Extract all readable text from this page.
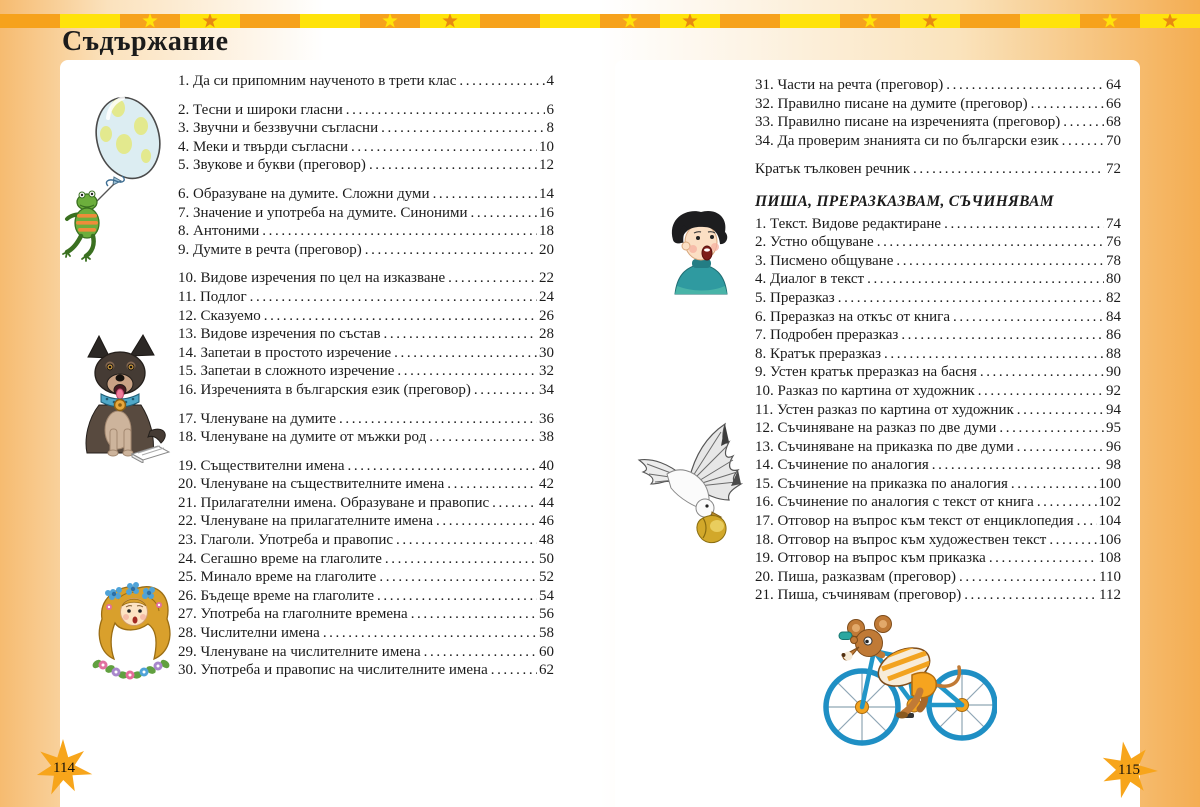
Съдържание
1. Да си припомним наученото в трети клас .....	4
2. Тесни и широки гласни .....	6
3. Звучни и беззвучни съгласни .....	8
4. Меки и твърди съгласни .....	10
5. Звукове и букви (преговор) .....	12
6. Образуване на думите. Сложни думи .....	14
7. Значение и употреба на думите. Синоними .....	16
8. Антоними .....	18
9. Думите в речта (преговор) .....	20
10. Видове изречения по цел на изказване .....	22
11. Подлог .....	24
12. Сказуемо .....	26
13. Видове изречения по състав .....	28
14. Запетаи в простото изречение .....	30
15. Запетаи в сложното изречение .....	32
16. Изреченията в българския език (преговор) .....	34
17. Членуване на думите .....	36
18. Членуване на думите от мъжки род .....	38
19. Съществителни имена .....	40
20. Членуване на съществителните имена .....	42
21. Прилагателни имена. Образуване и правопис .....	44
22. Членуване на прилагателните имена .....	46
23. Глаголи. Употреба и правопис .....	48
24. Сегашно време на глаголите .....	50
25. Минало време на глаголите .....	52
26. Бъдеще време на глаголите .....	54
27. Употреба на глаголните времена .....	56
28. Числителни имена .....	58
29. Членуване на числителните имена .....	60
30. Употреба и правопис на числителните имена .....	62
31. Части на речта (преговор) .....	64
32. Правилно писане на думите (преговор) .....	66
33. Правилно писане на изреченията (преговор) .....	68
34. Да проверим знанията си по български език .....	70
Кратък тълковен речник .....	72
ПИША, ПРЕРАЗКАЗВАМ, СЪЧИНЯВАМ
1. Текст. Видове редактиране .....	74
2. Устно общуване .....	76
3. Писмено общуване .....	78
4. Диалог в текст .....	80
5. Преразказ .....	82
6. Преразказ на откъс от книга .....	84
7. Подробен преразказ .....	86
8. Кратък преразказ .....	88
9. Устен кратък преразказ на басня .....	90
10. Разказ по картина от художник .....	92
11. Устен разказ по картина от художник .....	94
12. Съчиняване на разказ по две думи .....	95
13. Съчиняване на приказка по две думи .....	96
14. Съчинение по аналогия .....	98
15. Съчинение на приказка по аналогия .....	100
16. Съчинение по аналогия с текст от книга .....	102
17. Отговор на въпрос към текст от енциклопедия ..... 104
18. Отговор на въпрос към художествен текст .....	106
19. Отговор на въпрос към приказка .....	108
20. Пиша, разказвам (преговор) .....	110
21. Пиша, съчинявам (преговор) .....	112
114	115
